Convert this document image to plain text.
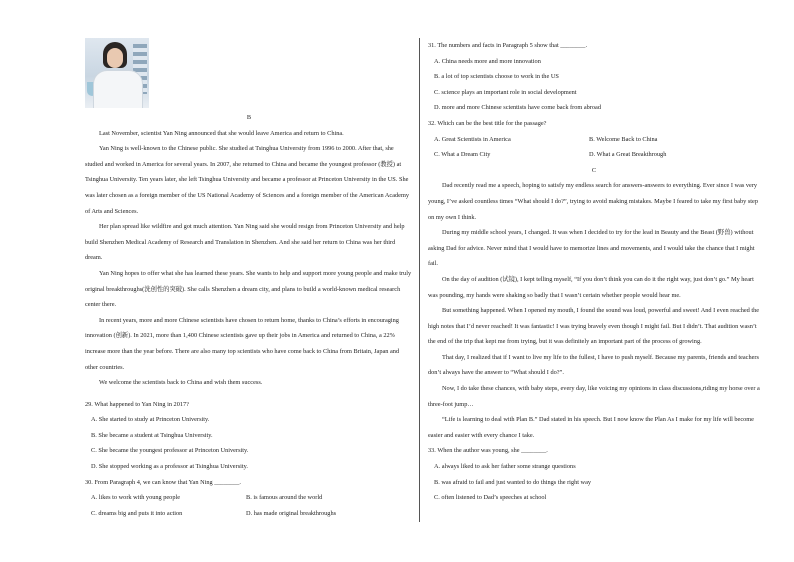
B

Last November, scientist Yan Ning announced that she would leave America and return to China.

Yan Ning is well-known to the Chinese public. She studied at Tsinghua University from 1996 to 2000. After that, she studied and worked in America for several years. In 2007, she returned to China and became the youngest professor (教授) at Tsinghua University. Ten years later, she left Tsinghua University and became a professor at Princeton University in the US. She was later chosen as a foreign member of the US National Academy of Sciences and a foreign member of the American Academy of Arts and Sciences.

Her plan spread like wildfire and got much attention. Yan Ning said she would resign from Princeton University and help build Shenzhen Medical Academy of Research and Translation in Shenzhen. And she said her return to China was her third dream.

Yan Ning hopes to offer what she has learned these years. She wants to help and support more young people and make truly original breakthroughs(洗创性的突破). She calls Shenzhen a dream city, and plans to build a world-known medical research center there.

In recent years, more and more Chinese scientists have chosen to return home, thanks to China’s efforts in encouraging innovation (创新). In 2021, more than 1,400 Chinese scientists gave up their jobs in America and returned to China, a 22% increase more than the year before. There are also many top scientists who have come back to China from Britain, Japan and other countries.

We welcome the scientists back to China and wish them success.

29. What happened to Yan Ning in 2017?

A. She started to study at Princeton University.

B. She became a student at Tsinghua University.

C. She became the youngest professor at Princeton University.

D. She stopped working as a professor at Tsinghua University.

30. From Paragraph 4, we can know that Yan Ning ________.

A. likes to work with young people	B. is famous around the world
C. dreams big and puts it into action	D. has made original breakthroughs

31. The numbers and facts in Paragraph 5 show that ________.

A. China needs more and more innovation

B. a lot of top scientists choose to work in the US

C. science plays an important role in social development

D. more and more Chinese scientists have come back from abroad

32. Which can be the best title for the passage?

A. Great Scientists in America	B. Welcome Back to China
C. What a Dream City	D. What a Great Breakthrough

C

Dad recently read me a speech, hoping to satisfy my endless search for answers-answers to everything. Ever since I was very young, I’ve asked countless times “What should I do?”, trying to avoid making mistakes. Maybe I feared to take my first baby step on my own I think.

During my middle school years, I changed. It was when I decided to try for the lead in Beauty and the Beast (野兽) without asking Dad for advice. Never mind that I would have to memorize lines and movements, and I would take the chance that I might fail.

On the day of audition (试镜), I kept telling myself, “If you don’t think you can do it the right way, just don’t go.” My heart was pounding, my hands were shaking so badly that I wasn’t certain whether people would hear me.

But something happened. When I opened my mouth, I found the sound was loud, powerful and sweet! And I even reached the high notes that I’d never reached! It was fantastic! I was trying bravely even though I might fail. But I didn’t. That audition wasn’t the end of the trip that kept me from trying, but it was definitely an important part of the process of growing.

That day, I realized that if I want to live my life to the fullest, I have to push myself. Because my parents, friends and teachers don’t always have the answer to “What should I do?”.

Now, I do take these chances, with baby steps, every day, like voicing my opinions in class discussions,riding my horse over a three-foot jump…

“Life is learning to deal with Plan B.” Dad stated in his speech. But I now know the Plan As I make for my life will become easier and easier with every chance I take.

33. When the author was young, she ________.

A. always liked to ask her father some strange questions

B. was afraid to fail and just wanted to do things the right way

C. often listened to Dad’s speeches at school
